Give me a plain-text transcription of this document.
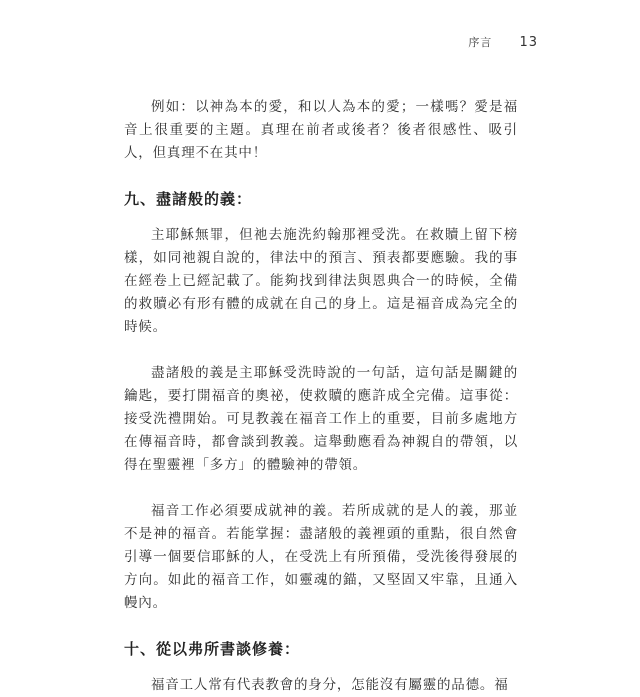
序言 13

例如：以神為本的愛，和以人為本的愛；一樣嗎？愛是福音上很重要的主題。真理在前者或後者？後者很感性、吸引人，但真理不在其中！

九、盡諸般的義：

主耶穌無罪，但祂去施洗約翰那裡受洗。在救贖上留下榜樣，如同祂親自說的，律法中的預言、預表都要應驗。我的事在經卷上已經記載了。能夠找到律法與恩典合一的時候，全備的救贖必有形有體的成就在自己的身上。這是福音成為完全的時候。

盡諸般的義是主耶穌受洗時說的一句話，這句話是關鍵的鑰匙，要打開福音的奧祕，使救贖的應許成全完備。這事從：接受洗禮開始。可見教義在福音工作上的重要，目前多處地方在傳福音時，都會談到教義。這舉動應看為神親自的帶領，以得在聖靈裡「多方」的體驗神的帶領。

福音工作必須要成就神的義。若所成就的是人的義，那並不是神的福音。若能掌握：盡諸般的義裡頭的重點，很自然會引導一個要信耶穌的人，在受洗上有所預備，受洗後得發展的方向。如此的福音工作，如靈魂的錨，又堅固又牢靠，且通入幔內。

十、從以弗所書談修養：

福音工人常有代表教會的身分，怎能沒有屬靈的品德。福
